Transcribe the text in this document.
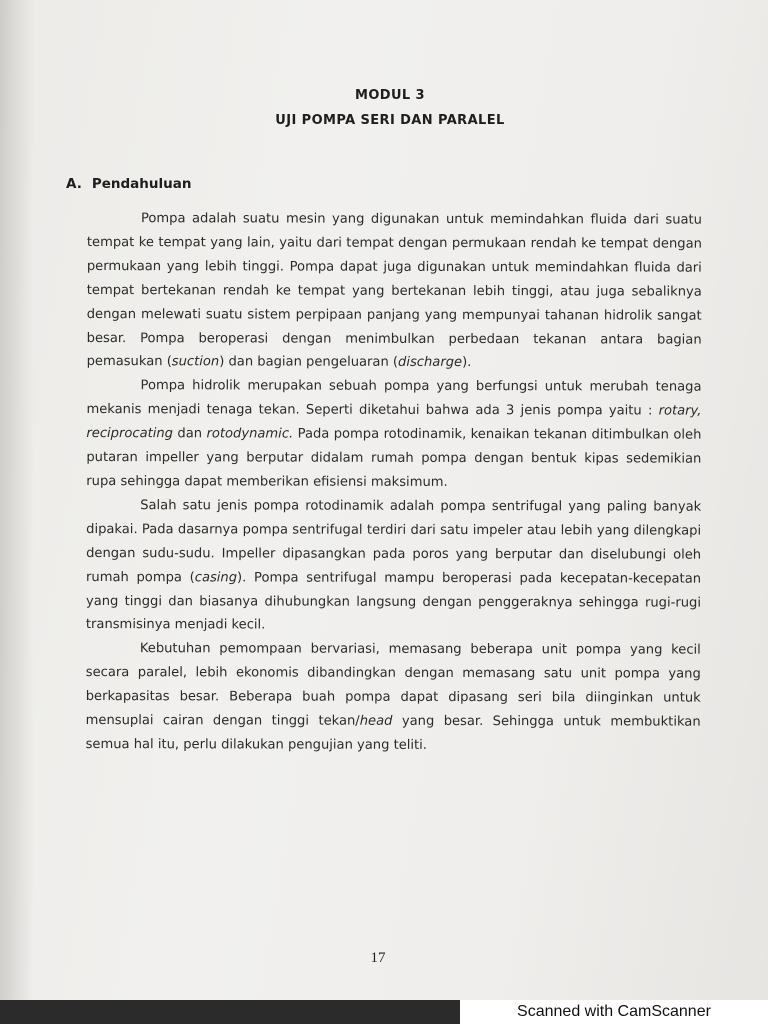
MODUL 3
UJI POMPA SERI DAN PARALEL
A. Pendahuluan

Pompa adalah suatu mesin yang digunakan untuk memindahkan fluida dari suatu tempat ke tempat yang lain, yaitu dari tempat dengan permukaan rendah ke tempat dengan permukaan yang lebih tinggi. Pompa dapat juga digunakan untuk memindahkan fluida dari tempat bertekanan rendah ke tempat yang bertekanan lebih tinggi, atau juga sebaliknya dengan melewati suatu sistem perpipaan panjang yang mempunyai tahanan hidrolik sangat besar. Pompa beroperasi dengan menimbulkan perbedaan tekanan antara bagian pemasukan (suction) dan bagian pengeluaran (discharge).

Pompa hidrolik merupakan sebuah pompa yang berfungsi untuk merubah tenaga mekanis menjadi tenaga tekan. Seperti diketahui bahwa ada 3 jenis pompa yaitu : rotary, reciprocating dan rotodynamic. Pada pompa rotodinamik, kenaikan tekanan ditimbulkan oleh putaran impeller yang berputar didalam rumah pompa dengan bentuk kipas sedemikian rupa sehingga dapat memberikan efisiensi maksimum.

Salah satu jenis pompa rotodinamik adalah pompa sentrifugal yang paling banyak dipakai. Pada dasarnya pompa sentrifugal terdiri dari satu impeler atau lebih yang dilengkapi dengan sudu-sudu. Impeller dipasangkan pada poros yang berputar dan diselubungi oleh rumah pompa (casing). Pompa sentrifugal mampu beroperasi pada kecepatan-kecepatan yang tinggi dan biasanya dihubungkan langsung dengan penggeraknya sehingga rugi-rugi transmisinya menjadi kecil.

Kebutuhan pemompaan bervariasi, memasang beberapa unit pompa yang kecil secara paralel, lebih ekonomis dibandingkan dengan memasang satu unit pompa yang berkapasitas besar. Beberapa buah pompa dapat dipasang seri bila diinginkan untuk mensuplai cairan dengan tinggi tekan/head yang besar. Sehingga untuk membuktikan semua hal itu, perlu dilakukan pengujian yang teliti.

17
Scanned with CamScanner
